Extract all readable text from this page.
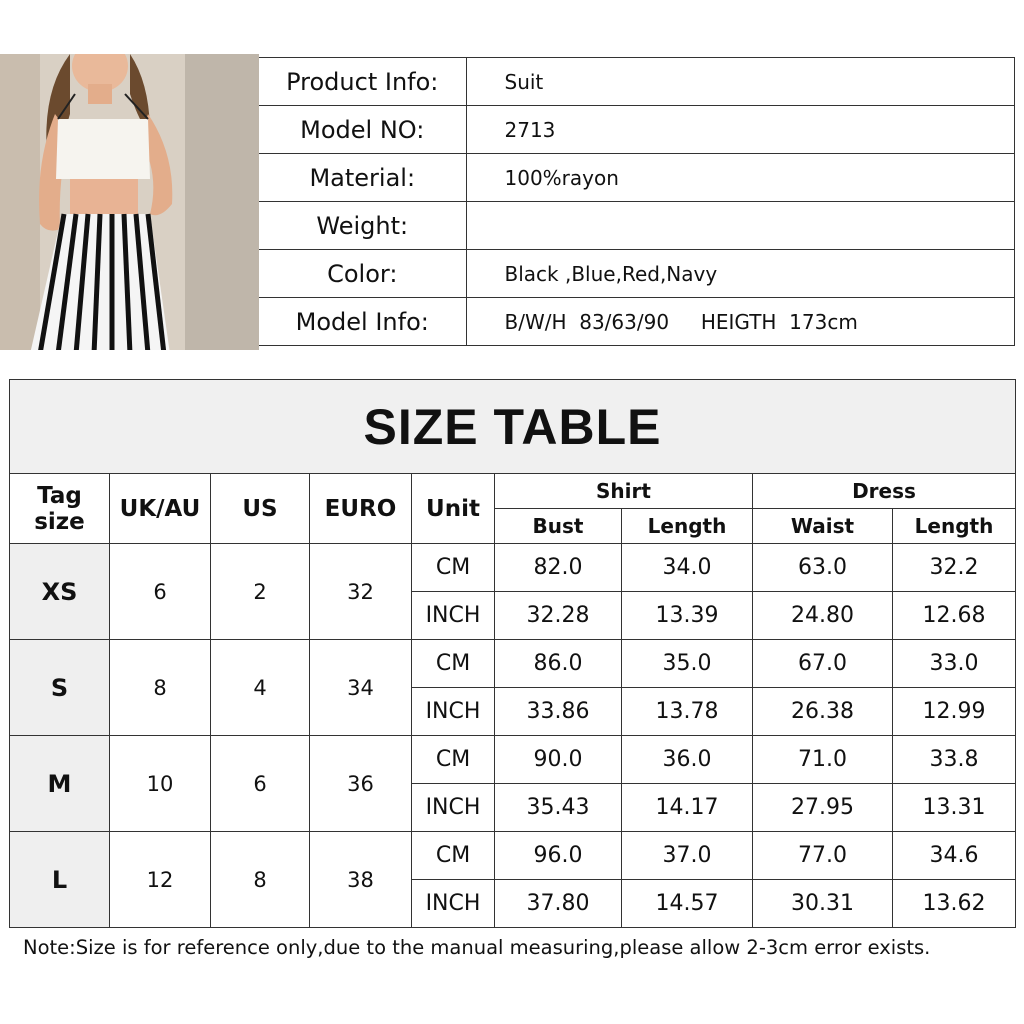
Product Info:	Suit
Model NO:	2713
Material:	100%rayon
Weight:	
Color:	Black ,Blue,Red,Navy
Model Info:	B/W/H  83/63/90     HEIGTH  173cm
SIZE TABLE								
Tag size	UK/AU	US	EURO	Unit	Shirt		Dress	
					Bust	Length	Waist	Length
XS	6	2	32	CM	82.0	34.0	63.0	32.2
				INCH	32.28	13.39	24.80	12.68
S	8	4	34	CM	86.0	35.0	67.0	33.0
				INCH	33.86	13.78	26.38	12.99
M	10	6	36	CM	90.0	36.0	71.0	33.8
				INCH	35.43	14.17	27.95	13.31
L	12	8	38	CM	96.0	37.0	77.0	34.6
				INCH	37.80	14.57	30.31	13.62
Note:Size is for reference only,due to the manual measuring,please allow 2-3cm error exists.
